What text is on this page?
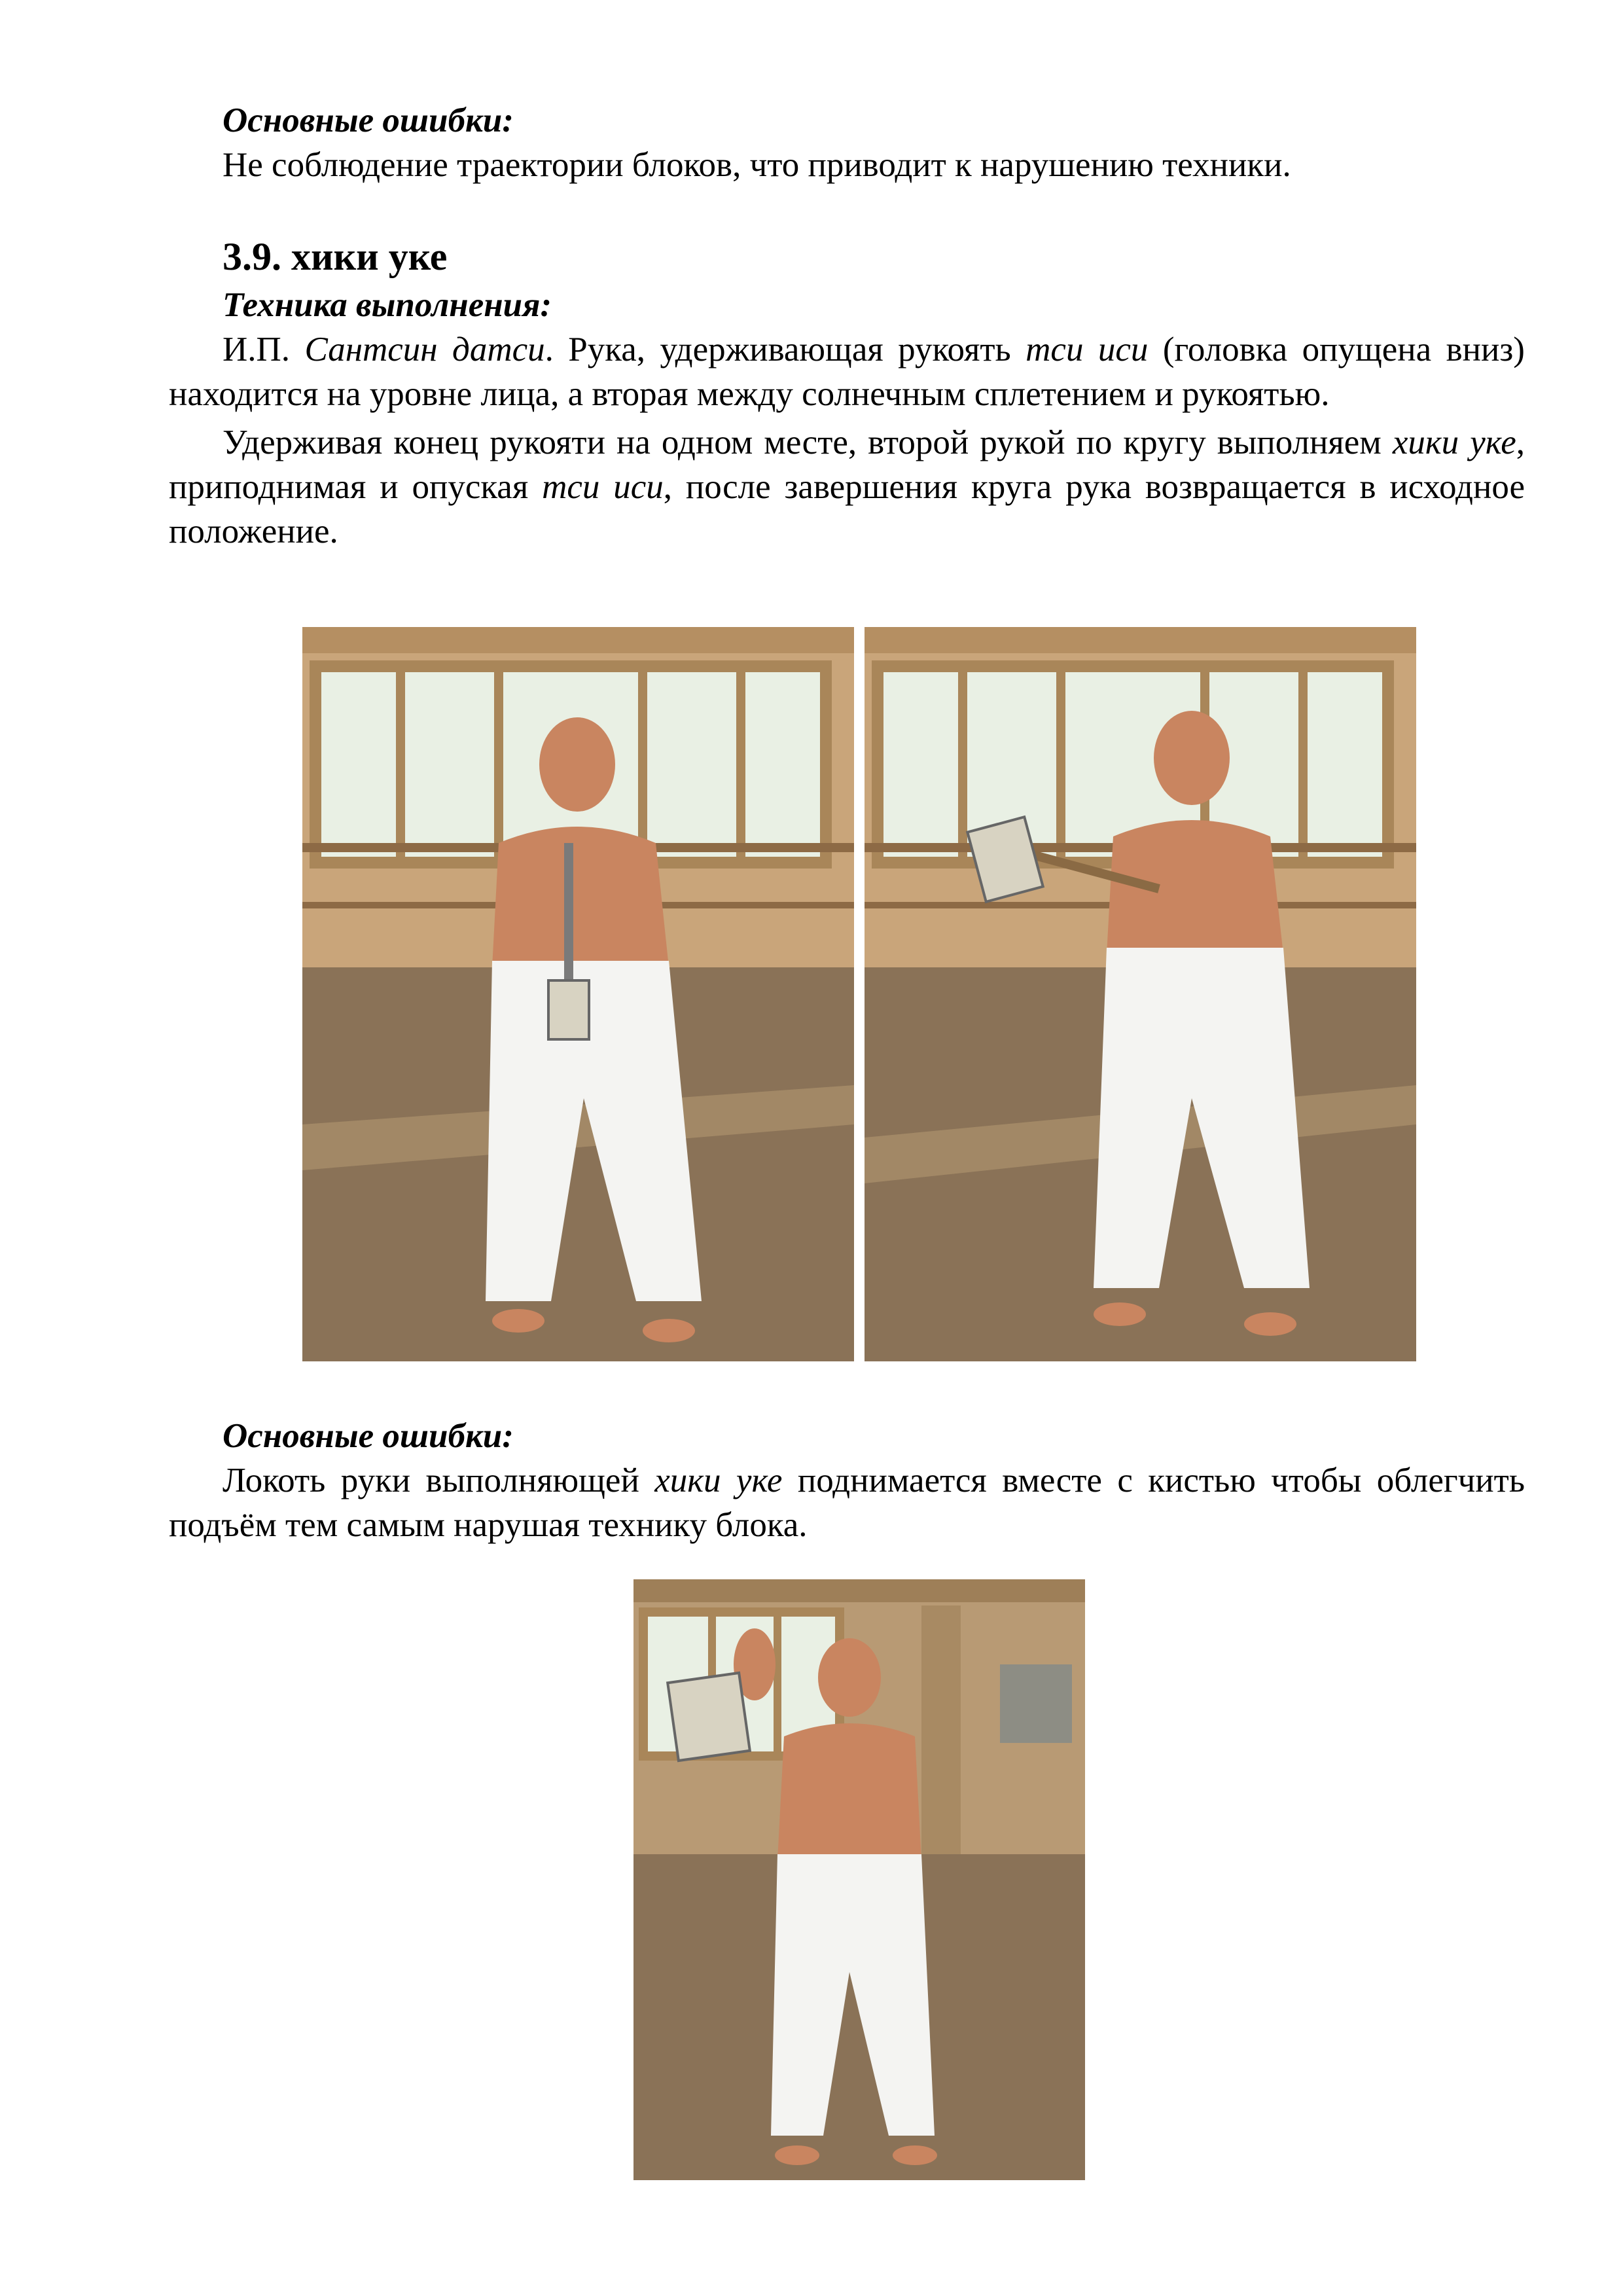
Основные ошибки:

Не соблюдение траектории блоков, что приводит к нарушению техники.

3.9. хики уке

Техника выполнения:

И.П. Сантсин датси. Рука, удерживающая рукоять тси иси (головка опущена вниз) находится на уровне лица, а вторая между солнечным сплетением и рукоятью.

Удерживая конец рукояти на одном месте, второй рукой по кругу выполняем хики уке, приподнимая и опуская тси иси, после завершения круга рука возвращается в исходное положение.

Основные ошибки:

Локоть руки выполняющей хики уке поднимается вместе с кистью чтобы облегчить подъём тем самым нарушая технику блока.
